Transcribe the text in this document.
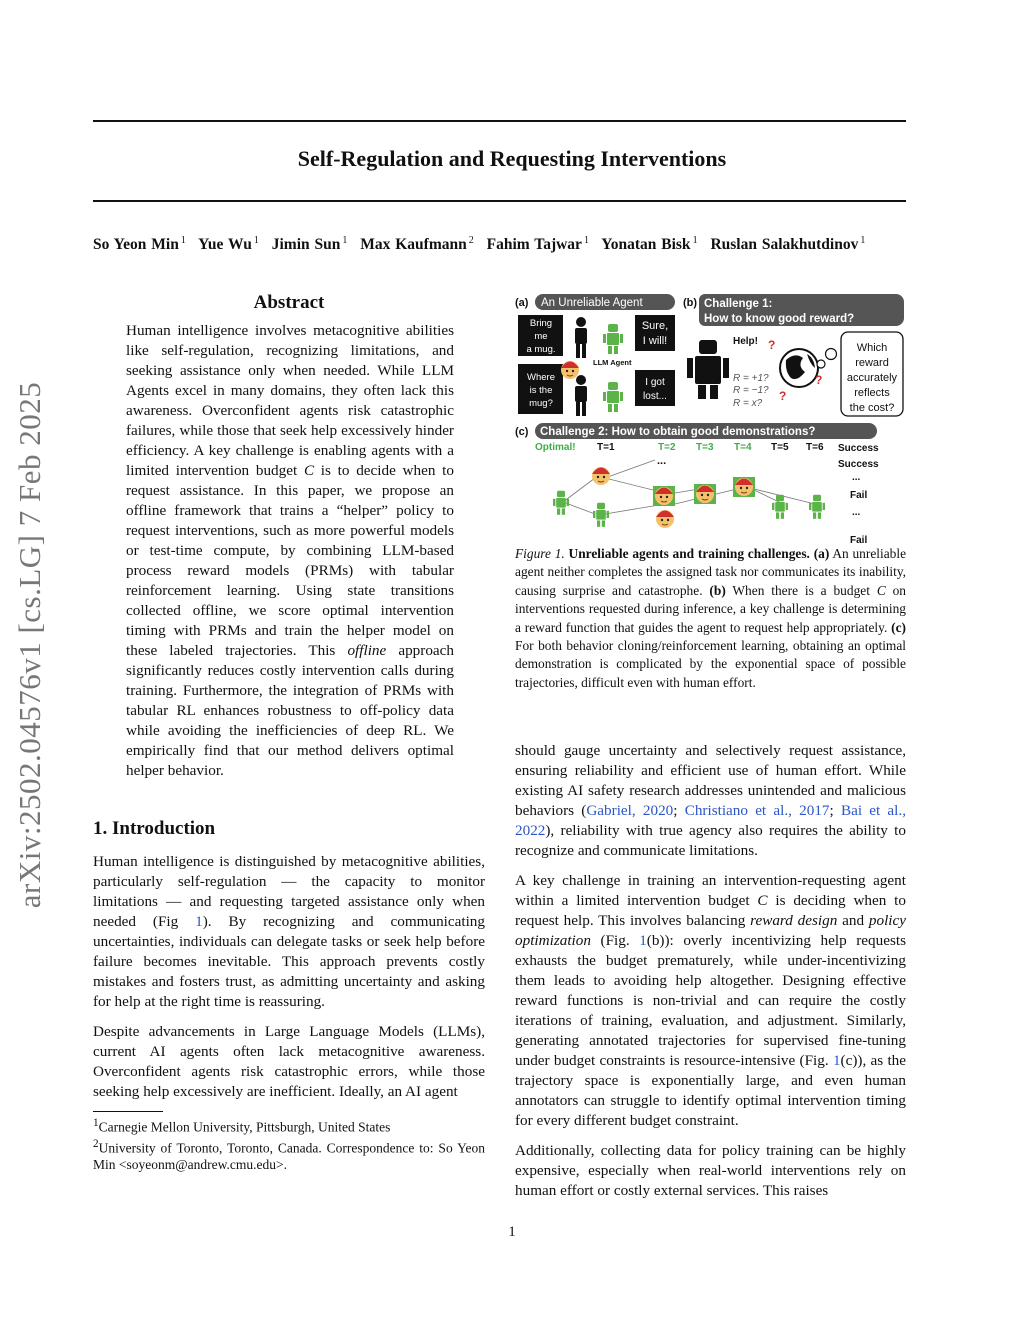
arXiv:2502.04576v1 [cs.LG] 7 Feb 2025
Self-Regulation and Requesting Interventions
So Yeon Min $^1$ Yue Wu $^1$ Jimin Sun $^1$ Max Kaufmann $^2$ Fahim Tajwar $^1$ Yonatan Bisk $^1$ Ruslan Salakhutdinov $^1$
Abstract
Human intelligence involves metacognitive abilities like self-regulation, recognizing limitations, and seeking assistance only when needed. While LLM Agents excel in many domains, they often lack this awareness. Overconfident agents risk catastrophic failures, while those that seek help excessively hinder efficiency. A key challenge is enabling agents with a limited intervention budget C is to decide when to request assistance. In this paper, we propose an offline framework that trains a “helper” policy to request interventions, such as more powerful models or test-time compute, by combining LLM-based process reward models (PRMs) with tabular reinforcement learning. Using state transitions collected offline, we score optimal intervention timing with PRMs and train the helper model on these labeled trajectories. This offline approach significantly reduces costly intervention calls during training. Furthermore, the integration of PRMs with tabular RL enhances robustness to off-policy data while avoiding the inefficiencies of deep RL. We empirically find that our method delivers optimal helper behavior.
1. Introduction

Human intelligence is distinguished by metacognitive abilities, particularly self-regulation — the capacity to monitor limitations — and requesting targeted assistance only when needed (Fig 1). By recognizing and communicating uncertainties, individuals can delegate tasks or seek help before failure becomes inevitable. This approach prevents costly mistakes and fosters trust, as admitting uncertainty and asking for help at the right time is reassuring.

Despite advancements in Large Language Models (LLMs), current AI agents often lack metacognitive awareness. Overconfident agents risk catastrophic errors, while those seeking help excessively are inefficient. Ideally, an AI agent

$^1$Carnegie Mellon University, Pittsburgh, United States
$^2$University of Toronto, Toronto, Canada. Correspondence to: So Yeon Min <soyeonm@andrew.cmu.edu>.
(a) An Unreliable Agent
Bring me a mug.
Sure, I will!
LLM Agent
Where is the mug?
I got lost...
(b) Challenge 1:
How to know good reward?
Help! ?
?
?
R = +1? R = −1? R = x?
Which reward accurately reflects the cost?
(c) Challenge 2: How to obtain good demonstrations?
Optimal! T=1	T=2 T=3 T=4 T=5 T=6 Success
Success
...
Fail
...
Fail
...
Figure 1. Unreliable agents and training challenges. (a) An unreliable agent neither completes the assigned task nor communicates its inability, causing surprise and catastrophe. (b) When there is a budget C on interventions requested during inference, a key challenge is determining a reward function that guides the agent to request help appropriately. (c) For both behavior cloning/reinforcement learning, obtaining an optimal demonstration is complicated by the exponential space of possible trajectories, difficult even with human effort.

should gauge uncertainty and selectively request assistance, ensuring reliability and efficient use of human effort. While existing AI safety research addresses unintended and malicious behaviors (Gabriel, 2020; Christiano et al., 2017; Bai et al., 2022), reliability with true agency also requires the ability to recognize and communicate limitations.

A key challenge in training an intervention-requesting agent within a limited intervention budget C is deciding when to request help. This involves balancing reward design and policy optimization (Fig. 1(b)): overly incentivizing help requests exhausts the budget prematurely, while under-incentivizing them leads to avoiding help altogether. Designing effective reward functions is non-trivial and can require the costly iterations of training, evaluation, and adjustment. Similarly, generating annotated trajectories for supervised fine-tuning under budget constraints is resource-intensive (Fig. 1(c)), as the trajectory space is exponentially large, and even human annotators can struggle to identify optimal intervention timing for every different budget constraint.

Additionally, collecting data for policy training can be highly expensive, especially when real-world interventions rely on human effort or costly external services. This raises

1
